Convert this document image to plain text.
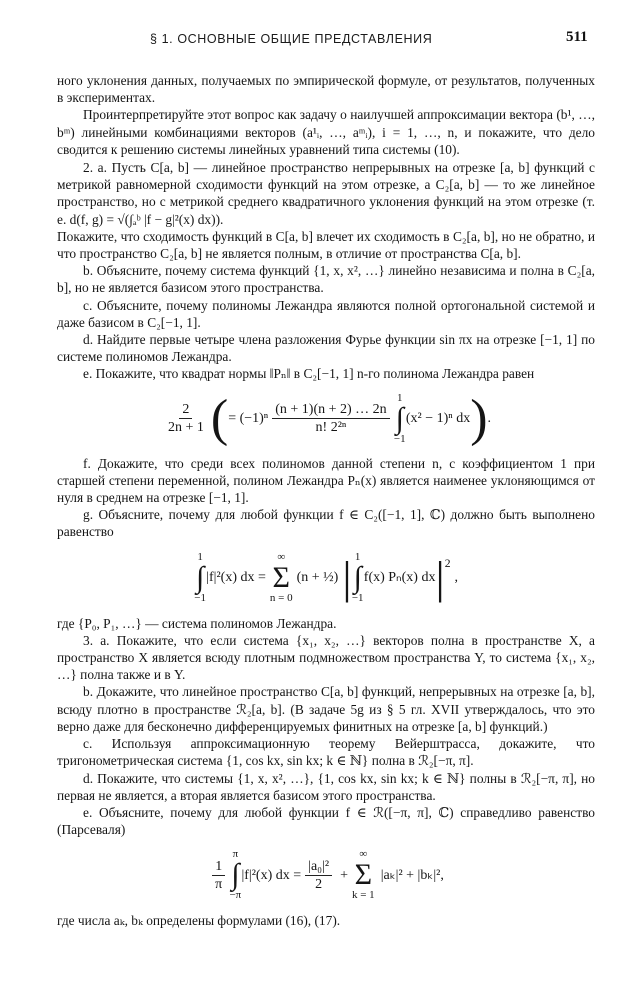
§ 1. ОСНОВНЫЕ ОБЩИЕ ПРЕДСТАВЛЕНИЯ	511

ного уклонения данных, получаемых по эмпирической формуле, от результатов, полученных в экспериментах.

Проинтерпретируйте этот вопрос как задачу о наилучшей аппроксимации вектора (b¹, …, bᵐ) линейными комбинациями векторов (a¹ᵢ, …, aᵐᵢ), i = 1, …, n, и покажите, что дело сводится к решению системы линейных уравнений типа системы (10).

2. a. Пусть C[a, b] — линейное пространство непрерывных на отрезке [a, b] функций с метрикой равномерной сходимости функций на этом отрезке, а C₂[a, b] — то же линейное пространство, но с метрикой среднего квадратичного уклонения функций на этом отрезке (т. е. d(f, g) = √(∫ₐᵇ |f − g|²(x) dx)).

Покажите, что сходимость функций в C[a, b] влечет их сходимость в C₂[a, b], но не обратно, и что пространство C₂[a, b] не является полным, в отличие от пространства C[a, b].

b. Объясните, почему система функций {1, x, x², …} линейно независима и полна в C₂[a, b], но не является базисом этого пространства.

c. Объясните, почему полиномы Лежандра являются полной ортогональной системой и даже базисом в C₂[−1, 1].

d. Найдите первые четыре члена разложения Фурье функции sin πx на отрезке [−1, 1] по системе полиномов Лежандра.

e. Покажите, что квадрат нормы ‖Pₙ‖ в C₂[−1, 1] n-го полинома Лежандра равен

$\frac{2}{2n + 1}$ ( = $(-1)^n \frac{(n + 1)(n + 2) \dots 2n}{\text{n! 2²ⁿ}}$
1
∫
−1
(x² − 1)ⁿ dx ) .

f. Докажите, что среди всех полиномов данной степени n, с коэффициентом 1 при старшей степени переменной, полином Лежандра Pₙ(x) является наименее уклоняющимся от нуля в среднем на отрезке [−1, 1].

g. Объясните, почему для любой функции f ∈ C₂([−1, 1], ℂ) должно быть выполнено равенство

1
∫
−1
|f|²(x) dx =
∞
Σ
n = 0
(n + ½) | 1
∫
−1
f(x) Pₙ(x) dx $|^2$
,

где {P₀, P₁, …} — система полиномов Лежандра.

3. a. Покажите, что если система {x₁, x₂, …} векторов полна в пространстве X, а пространство X является всюду плотным подмножеством пространства Y, то система {x₁, x₂, …} полна также и в Y.

b. Докажите, что линейное пространство C[a, b] функций, непрерывных на отрезке [a, b], всюду плотно в пространстве ℛ₂[a, b]. (В задаче 5g из § 5 гл. XVII утверждалось, что это верно даже для бесконечно дифференцируемых финитных на отрезке [a, b] функций.)

c. Используя аппроксимационную теорему Вейерштрасса, докажите, что тригонометрическая система {1, cos kx, sin kx; k ∈ ℕ} полна в ℛ₂[−π, π].

d. Покажите, что системы {1, x, x², …}, {1, cos kx, sin kx; k ∈ ℕ} полны в ℛ₂[−π, π], но первая не является, а вторая является базисом этого пространства.

e. Объясните, почему для любой функции f ∈ ℛ([−π, π], ℂ) справедливо равенство (Парсеваля)

$\frac{1}{\pi}$
π
∫
−π
|f|²(x) dx = $\frac{\text{|a₀|²}}{2}$ +
∞
Σ
k = 1
|aₖ|² + |bₖ|²,

где числа aₖ, bₖ определены формулами (16), (17).
